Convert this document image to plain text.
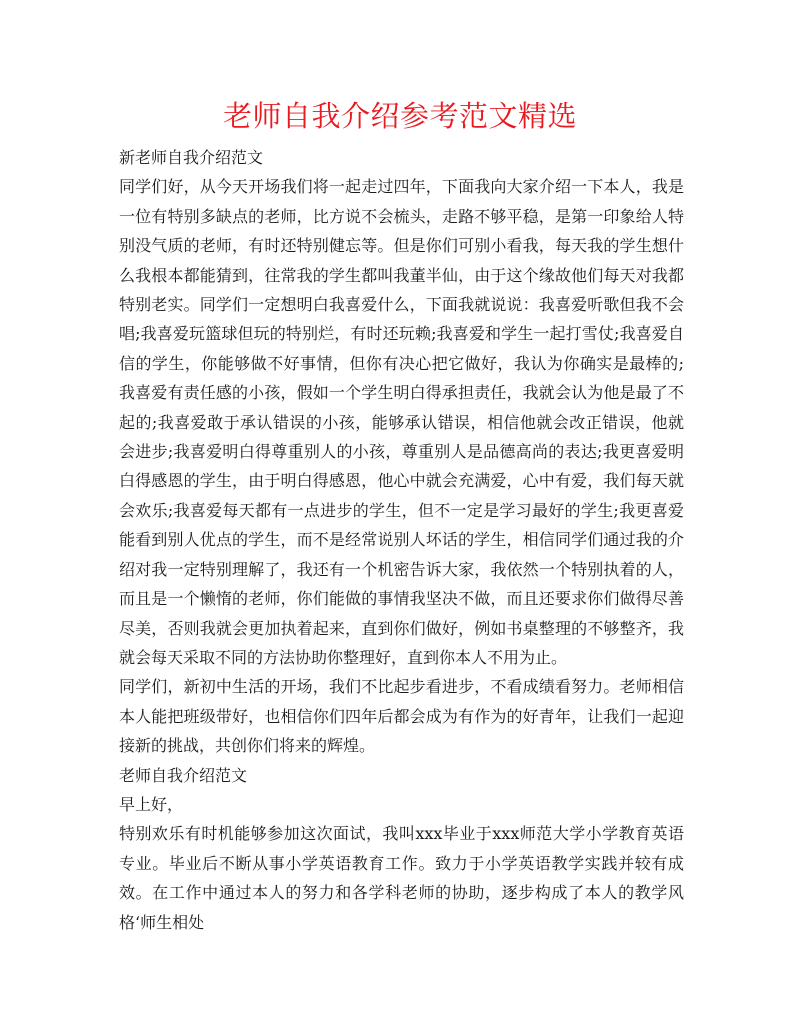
老师自我介绍参考范文精选

新老师自我介绍范文

同学们好，从今天开场我们将一起走过四年，下面我向大家介绍一下本人，我是一位有特别多缺点的老师，比方说不会梳头，走路不够平稳，是第一印象给人特别没气质的老师，有时还特别健忘等。但是你们可别小看我，每天我的学生想什么我根本都能猜到，往常我的学生都叫我董半仙，由于这个缘故他们每天对我都特别老实。同学们一定想明白我喜爱什么，下面我就说说：我喜爱听歌但我不会唱;我喜爱玩篮球但玩的特别烂，有时还玩赖;我喜爱和学生一起打雪仗;我喜爱自信的学生，你能够做不好事情，但你有决心把它做好，我认为你确实是最棒的;我喜爱有责任感的小孩，假如一个学生明白得承担责任，我就会认为他是最了不起的;我喜爱敢于承认错误的小孩，能够承认错误，相信他就会改正错误，他就会进步;我喜爱明白得尊重别人的小孩，尊重别人是品德高尚的表达;我更喜爱明白得感恩的学生，由于明白得感恩，他心中就会充满爱，心中有爱，我们每天就会欢乐;我喜爱每天都有一点进步的学生，但不一定是学习最好的学生;我更喜爱能看到别人优点的学生，而不是经常说别人坏话的学生，相信同学们通过我的介绍对我一定特别理解了，我还有一个机密告诉大家，我依然一个特别执着的人，而且是一个懒惰的老师，你们能做的事情我坚决不做，而且还要求你们做得尽善尽美，否则我就会更加执着起来，直到你们做好，例如书桌整理的不够整齐，我就会每天采取不同的方法协助你整理好，直到你本人不用为止。

同学们，新初中生活的开场，我们不比起步看进步，不看成绩看努力。老师相信本人能把班级带好，也相信你们四年后都会成为有作为的好青年，让我们一起迎接新的挑战，共创你们将来的辉煌。

老师自我介绍范文

早上好，

特别欢乐有时机能够参加这次面试，我叫xxx毕业于xxx师范大学小学教育英语专业。毕业后不断从事小学英语教育工作。致力于小学英语教学实践并较有成效。在工作中通过本人的努力和各学科老师的协助，逐步构成了本人的教学风格‘师生相处
